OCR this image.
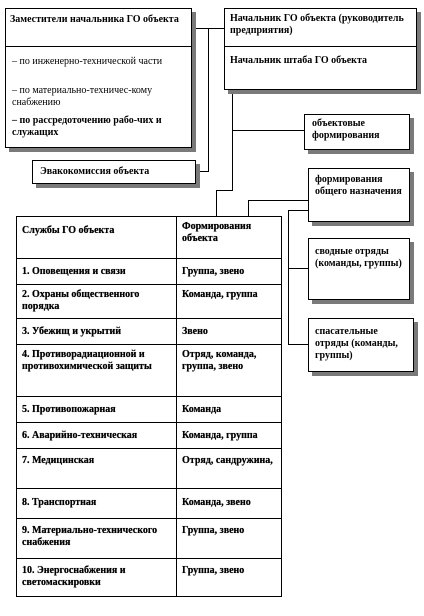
Заместители начальника ГО объекта
– по инженерно-технической части
– по материально-техничес-кому снабжению
– по рассредоточению рабо-чих и служащих
Эвакокомиссия объекта
Начальник ГО объекта (руководитель предприятия)
Начальник штаба ГО объекта
объектовые формирования
формирования общего назначения
сводные отряды (команды, группы)
спасательные отряды (команды, группы)
Службы ГО объекта	Формирования объекта
1. Оповещения и связи	Группа, звено
2. Охраны общественного порядка	Команда, группа
3. Убежищ и укрытий	Звено
4. Противорадиационной и противохимической защиты	Отряд, команда, группа, звено
5. Противопожарная	Команда
6. Аварийно-техническая	Команда, группа
7. Медицинская	Отряд, сандружина,
8. Транспортная	Команда, звено
9. Материально-технического снабжения	Группа, звено
10. Энергоснабжения и светомаскировки	Группа, звено
